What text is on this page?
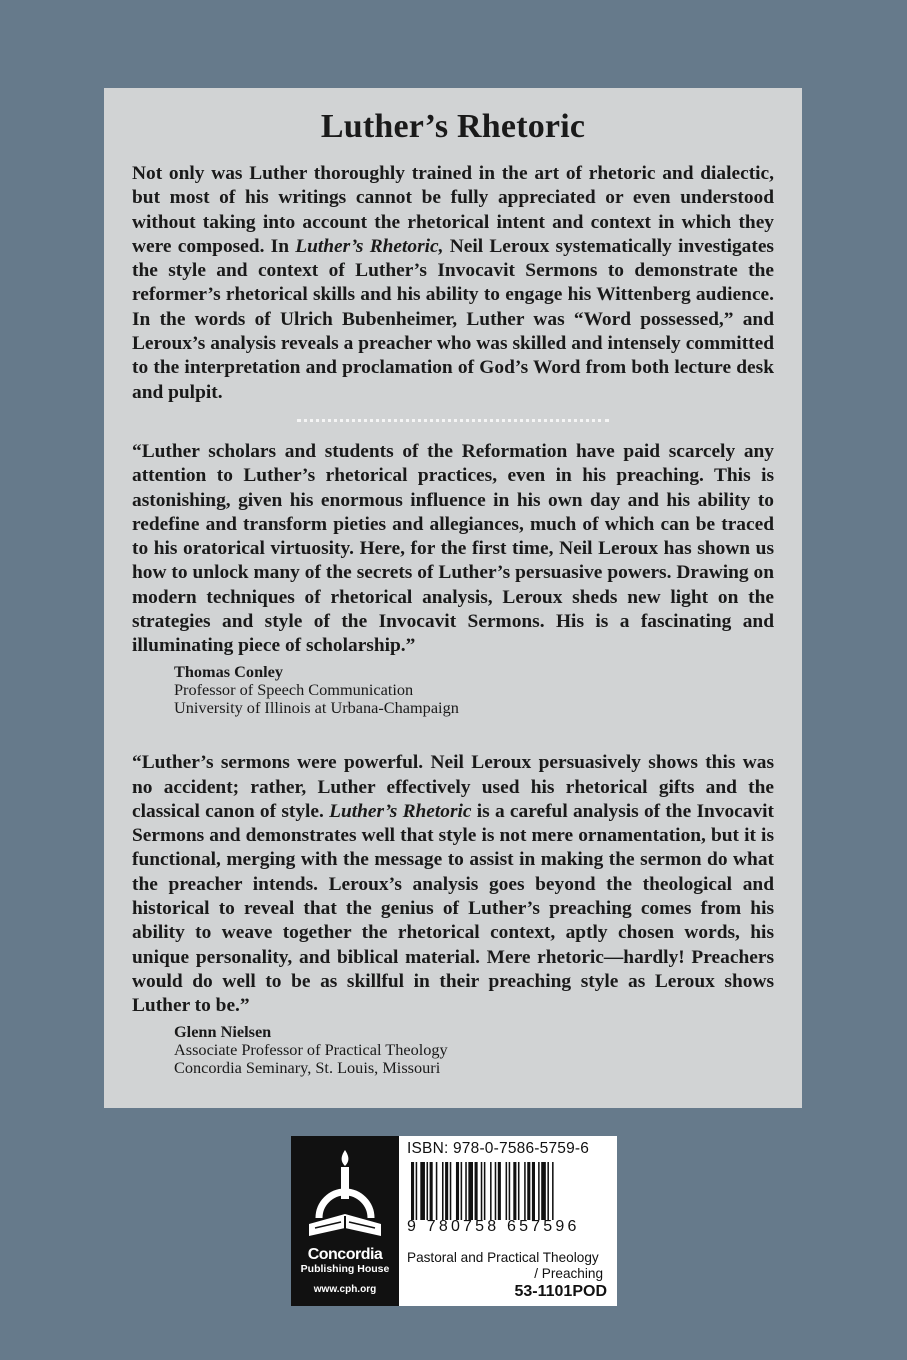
Luther’s Rhetoric

Not only was Luther thoroughly trained in the art of rhetoric and dialectic, but most of his writings cannot be fully appreciated or even understood without taking into account the rhetorical intent and context in which they were composed. In Luther’s Rhetoric, Neil Leroux systematically investigates the style and context of Luther’s Invocavit Sermons to demonstrate the reformer’s rhetorical skills and his ability to engage his Wittenberg audience. In the words of Ulrich Bubenheimer, Luther was “Word possessed,” and Leroux’s analysis reveals a preacher who was skilled and intensely committed to the interpretation and proclamation of God’s Word from both lecture desk and pulpit.

“Luther scholars and students of the Reformation have paid scarcely any attention to Luther’s rhetorical practices, even in his preaching. This is astonishing, given his enormous influence in his own day and his ability to redefine and transform pieties and allegiances, much of which can be traced to his oratorical virtuosity. Here, for the first time, Neil Leroux has shown us how to unlock many of the secrets of Luther’s persuasive powers. Drawing on modern techniques of rhetorical analysis, Leroux sheds new light on the strategies and style of the Invocavit Sermons. His is a fascinating and illuminating piece of scholarship.”

Thomas Conley
Professor of Speech Communication
University of Illinois at Urbana-Champaign

“Luther’s sermons were powerful. Neil Leroux persuasively shows this was no accident; rather, Luther effectively used his rhetorical gifts and the classical canon of style. Luther’s Rhetoric is a careful analysis of the Invocavit Sermons and demonstrates well that style is not mere ornamentation, but it is functional, merging with the message to assist in making the sermon do what the preacher intends. Leroux’s analysis goes beyond the theological and historical to reveal that the genius of Luther’s preaching comes from his ability to weave together the rhetorical context, aptly chosen words, his unique personality, and biblical material. Mere rhetoric—hardly! Preachers would do well to be as skillful in their preaching style as Leroux shows Luther to be.”

Glenn Nielsen
Associate Professor of Practical Theology
Concordia Seminary, St. Louis, Missouri
Concordia
Publishing House
www.cph.org
ISBN: 978-0-7586-5759-6
9 780758 657596
Pastoral and Practical Theology
/ Preaching
53-1101POD
